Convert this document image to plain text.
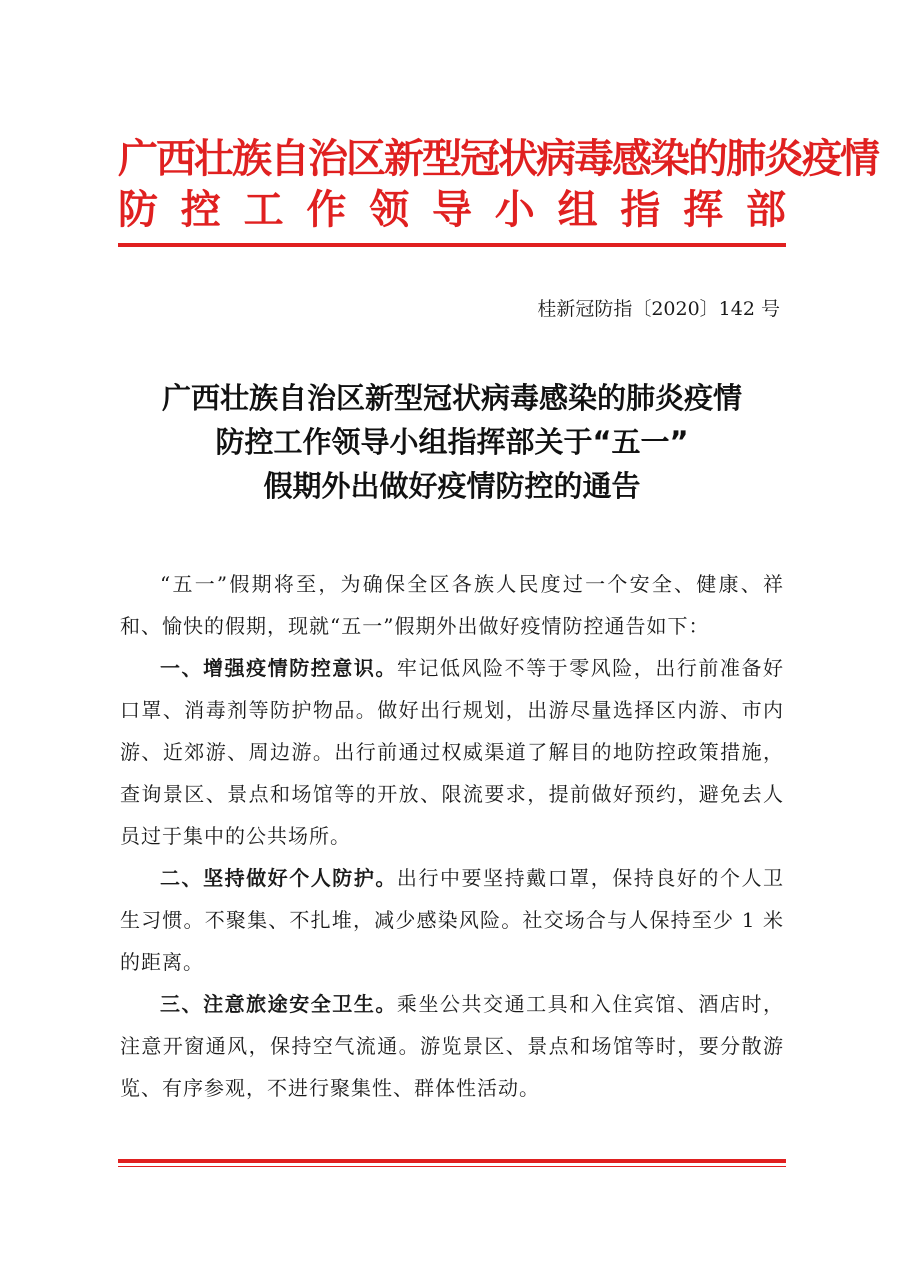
广西壮族自治区新型冠状病毒感染的肺炎疫情
防 控 工 作 领 导 小 组 指 挥 部
桂新冠防指〔2020〕142 号
广西壮族自治区新型冠状病毒感染的肺炎疫情
防控工作领导小组指挥部关于“五一”
假期外出做好疫情防控的通告

“五一”假期将至，为确保全区各族人民度过一个安全、健康、祥和、愉快的假期，现就“五一”假期外出做好疫情防控通告如下：

一、增强疫情防控意识。牢记低风险不等于零风险，出行前准备好口罩、消毒剂等防护物品。做好出行规划，出游尽量选择区内游、市内游、近郊游、周边游。出行前通过权威渠道了解目的地防控政策措施，查询景区、景点和场馆等的开放、限流要求，提前做好预约，避免去人员过于集中的公共场所。

二、坚持做好个人防护。出行中要坚持戴口罩，保持良好的个人卫生习惯。不聚集、不扎堆，减少感染风险。社交场合与人保持至少 1 米的距离。

三、注意旅途安全卫生。乘坐公共交通工具和入住宾馆、酒店时，注意开窗通风，保持空气流通。游览景区、景点和场馆等时，要分散游览、有序参观，不进行聚集性、群体性活动。
